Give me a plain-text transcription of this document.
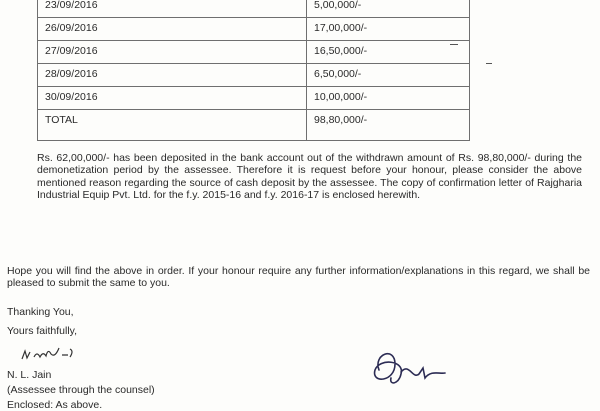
23/09/2016	5,00,000/-
26/09/2016	17,00,000/-
27/09/2016	16,50,000/-
28/09/2016	6,50,000/-
30/09/2016	10,00,000/-
TOTAL	98,80,000/-

Rs. 62,00,000/- has been deposited in the bank account out of the withdrawn amount of Rs. 98,80,000/- during the demonetization period by the assessee. Therefore it is request before your honour, please consider the above mentioned reason regarding the source of cash deposit by the assessee. The copy of confirmation letter of Rajgharia Industrial Equip Pvt. Ltd. for the f.y. 2015-16 and f.y. 2016-17 is enclosed herewith.

Hope you will find the above in order. If your honour require any further information/explanations in this regard, we shall be pleased to submit the same to you.

Thanking You,
Yours faithfully,
N. L. Jain
(Assessee through the counsel)
Enclosed: As above.
